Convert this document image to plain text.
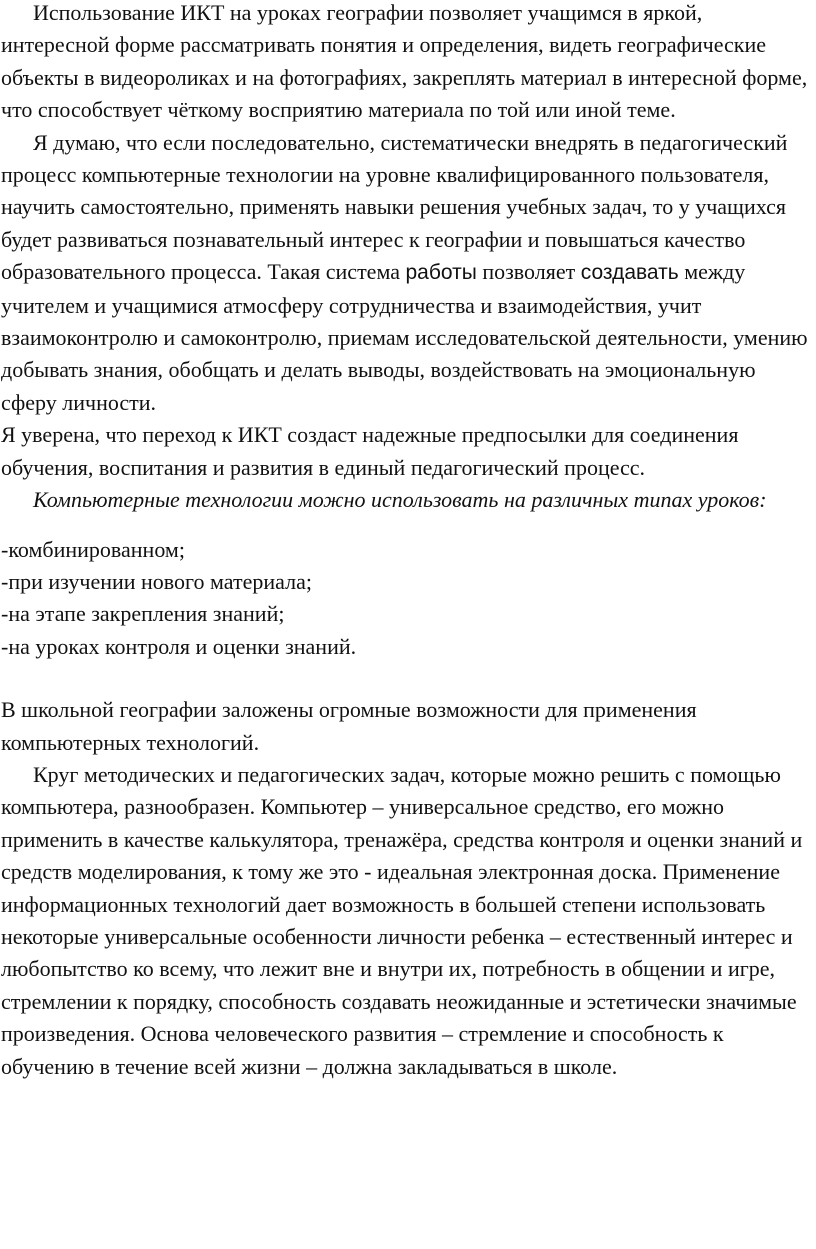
Использование ИКТ на уроках географии позволяет учащимся в яркой, интересной форме рассматривать понятия и определения, видеть географические объекты в видеороликах и на фотографиях, закреплять материал в интересной форме, что способствует чёткому восприятию материала по той или иной теме.

Я думаю, что если последовательно, систематически внедрять в педагогический процесс компьютерные технологии на уровне квалифицированного пользователя, научить самостоятельно, применять навыки решения учебных задач, то у учащихся будет развиваться познавательный интерес к географии и повышаться качество образовательного процесса. Такая система работы позволяет создавать между учителем и учащимися атмосферу сотрудничества и взаимодействия, учит взаимоконтролю и самоконтролю, приемам исследовательской деятельности, умению добывать знания, обобщать и делать выводы, воздействовать на эмоциональную сферу личности.

Я уверена, что переход к ИКТ создаст надежные предпосылки для соединения обучения, воспитания и развития в единый педагогический процесс.

Компьютерные технологии можно использовать на различных типах уроков:

-комбинированном;
-при изучении нового материала;
-на этапе закрепления знаний;
-на уроках контроля и оценки знаний.

В школьной географии заложены огромные возможности для применения компьютерных технологий.

Круг методических и педагогических задач, которые можно решить с помощью компьютера, разнообразен. Компьютер – универсальное средство, его можно применить в качестве калькулятора, тренажёра, средства контроля и оценки знаний и средств моделирования, к тому же это - идеальная электронная доска. Применение информационных технологий дает возможность в большей степени использовать некоторые универсальные особенности личности ребенка – естественный интерес и любопытство ко всему, что лежит вне и внутри их, потребность в общении и игре, стремлении к порядку, способность создавать неожиданные и эстетически значимые произведения. Основа человеческого развития – стремление и способность к обучению в течение всей жизни – должна закладываться в школе.
